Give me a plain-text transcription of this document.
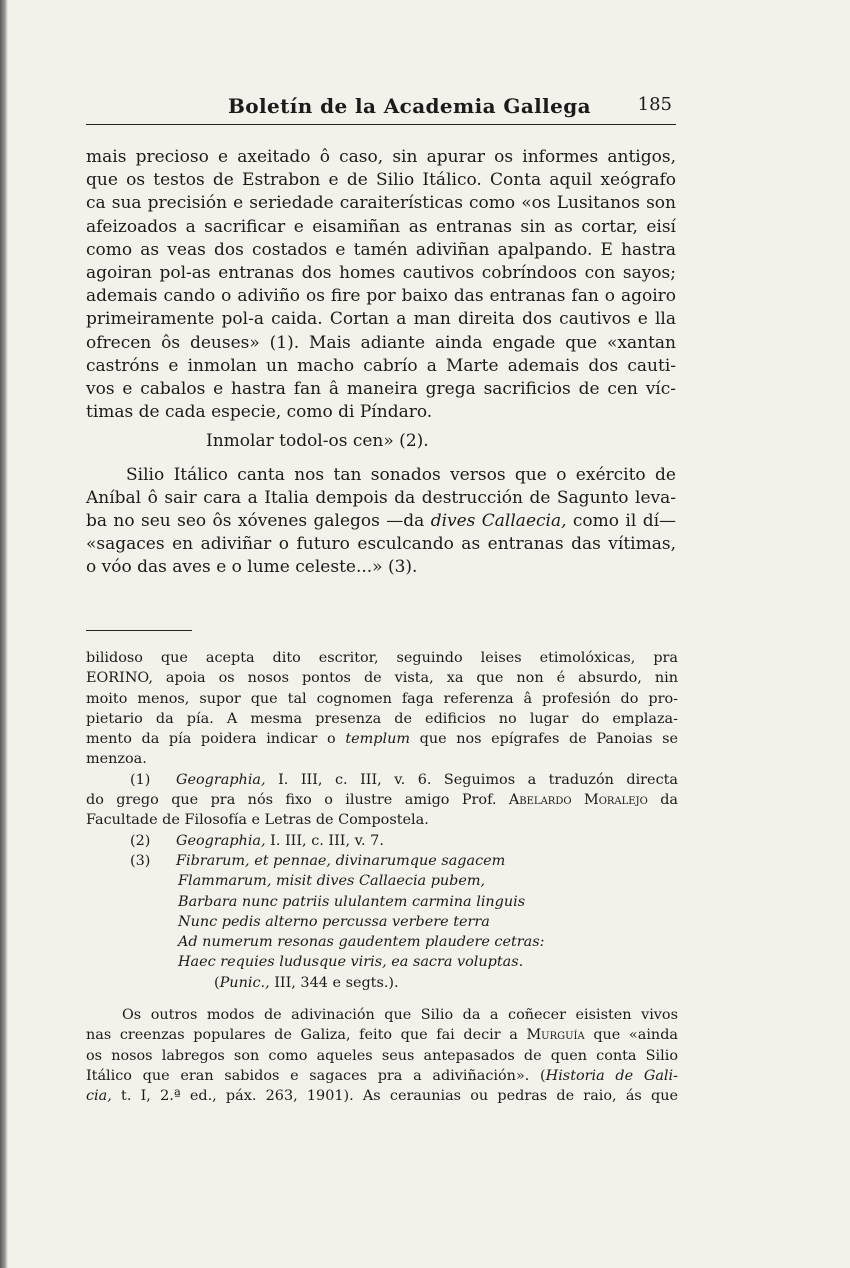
Boletín de la Academia Gallega	185
mais precioso e axeitado ô caso, sin apurar os informes antigos,
que os testos de Estrabon e de Silio Itálico. Conta aquil xeógrafo
ca sua precisión e seriedade caraiterísticas como «os Lusitanos son
afeizoados a sacrificar e eisamiñan as entranas sin as cortar, eisí
como as veas dos costados e tamén adiviñan apalpando. E hastra
agoiran pol-as entranas dos homes cautivos cobríndoos con sayos;
ademais cando o adiviño os fire por baixo das entranas fan o agoiro
primeiramente pol-a caida. Cortan a man direita dos cautivos e lla
ofrecen ôs deuses» (1). Mais adiante ainda engade que «xantan
castróns e inmolan un macho cabrío a Marte ademais dos cauti-
vos e cabalos e hastra fan â maneira grega sacrificios de cen víc-
timas de cada especie, como di Píndaro.
Inmolar todol-os cen» (2).
Silio Itálico canta nos tan sonados versos que o exército de
Aníbal ô sair cara a Italia dempois da destrucción de Sagunto leva-
ba no seu seo ôs xóvenes galegos —da dives Callaecia, como il dí—
«sagaces en adiviñar o futuro esculcando as entranas das vítimas,
o vóo das aves e o lume celeste...» (3).
bilidoso que acepta dito escritor, seguindo leises etimolóxicas, pra
EORINO, apoia os nosos pontos de vista, xa que non é absurdo, nin
moito menos, supor que tal cognomen faga referenza â profesión do pro-
pietario da pía. A mesma presenza de edificios no lugar do emplaza-
mento da pía poidera indicar o templum que nos epígrafes de Panoias se
menzoa.
(1)	Geographia, I. III, c. III, v. 6. Seguimos a traduzón directa
do grego que pra nós fixo o ilustre amigo Prof. Abelardo Moralejo da
Facultade de Filosofía e Letras de Compostela.
(2)	Geographia, I. III, c. III, v. 7.
(3)	Fibrarum, et pennae, divinarumque sagacem
Flammarum, misit dives Callaecia pubem,
Barbara nunc patriis ululantem carmina linguis
Nunc pedis alterno percussa verbere terra
Ad numerum resonas gaudentem plaudere cetras:
Haec requies ludusque viris, ea sacra voluptas.
(Punic., III, 344 e segts.).
Os outros modos de adivinación que Silio da a coñecer eisisten vivos
nas creenzas populares de Galiza, feito que fai decir a Murguía que «ainda
os nosos labregos son como aqueles seus antepasados de quen conta Silio
Itálico que eran sabidos e sagaces pra a adiviñación». (Historia de Gali-
cia, t. I, 2.ª ed., páx. 263, 1901). As ceraunias ou pedras de raio, ás que
